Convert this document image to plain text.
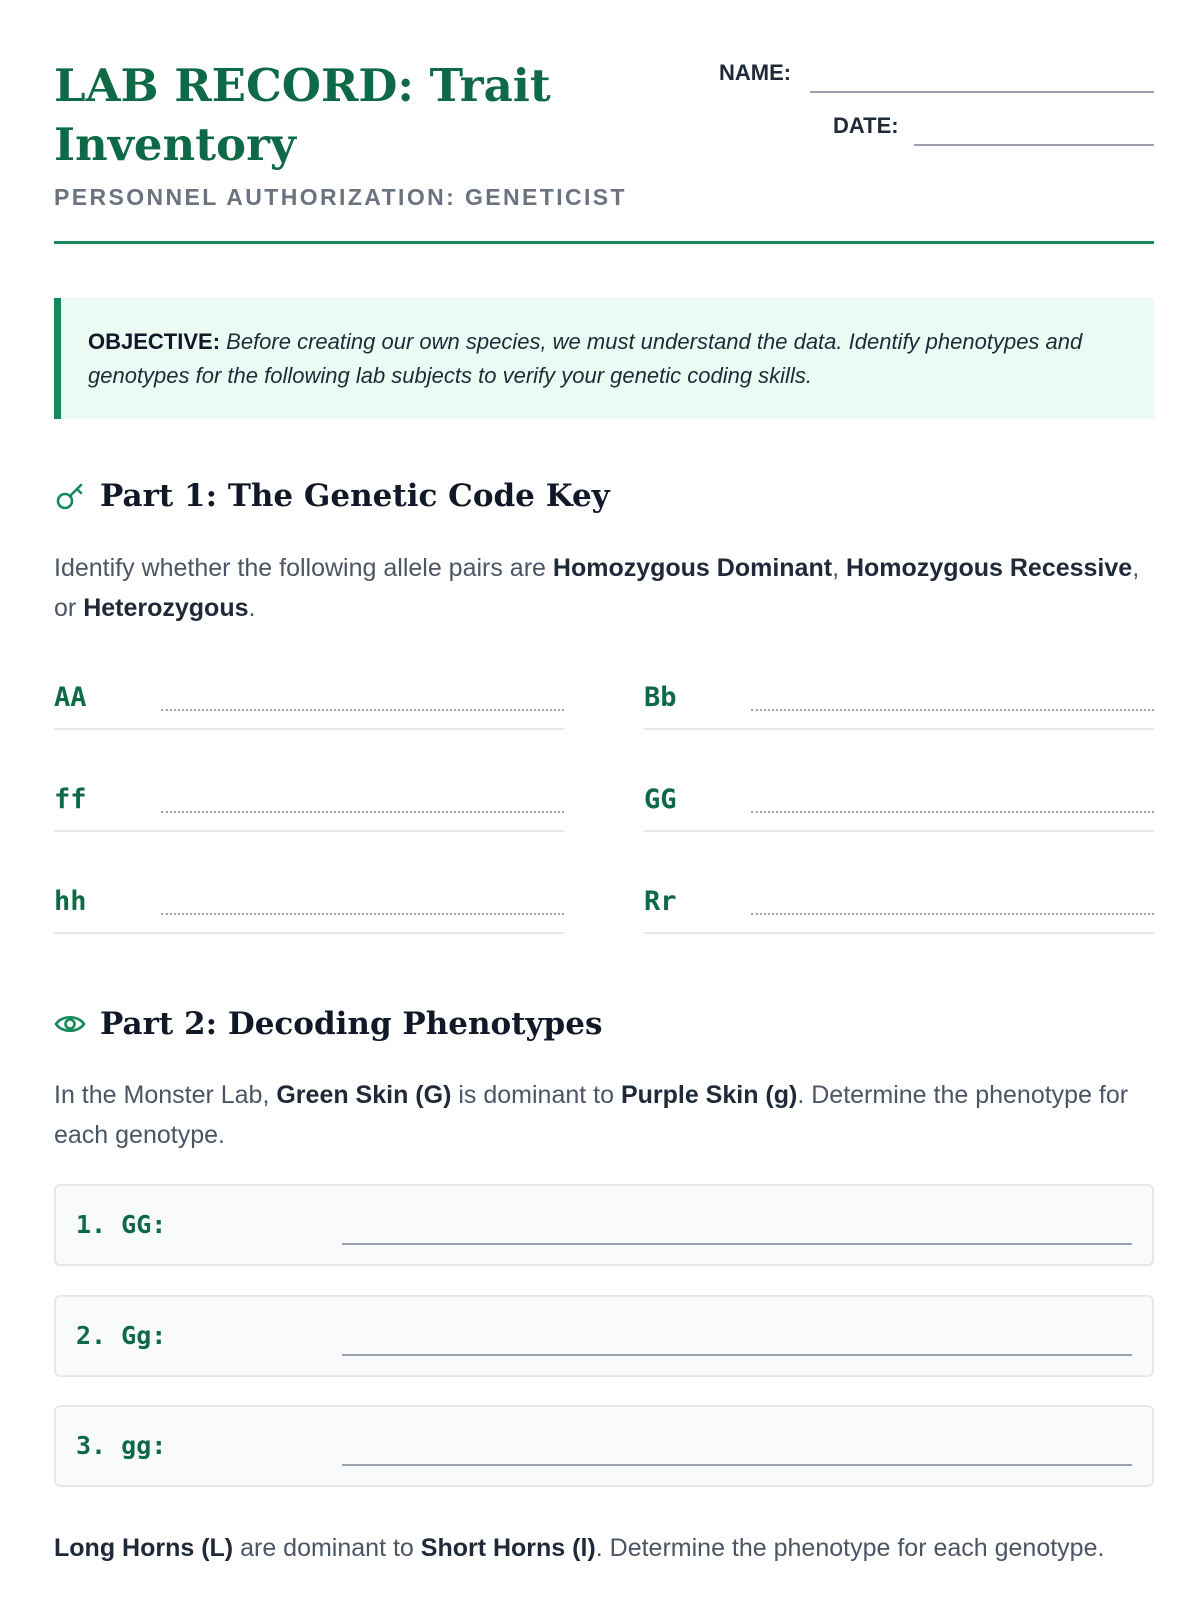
LAB RECORD: Trait Inventory
PERSONNEL AUTHORIZATION: GENETICIST
NAME:
DATE:
OBJECTIVE: Before creating our own species, we must understand the data. Identify phenotypes and genotypes for the following lab subjects to verify your genetic coding skills.
Part 1: The Genetic Code Key

Identify whether the following allele pairs are Homozygous Dominant, Homozygous Recessive, or Heterozygous.

AA	Bb
ff	GG
hh	Rr
Part 2: Decoding Phenotypes

In the Monster Lab, Green Skin (G) is dominant to Purple Skin (g). Determine the phenotype for each genotype.

1. GG:
2. Gg:
3. gg:

Long Horns (L) are dominant to Short Horns (l). Determine the phenotype for each genotype.
